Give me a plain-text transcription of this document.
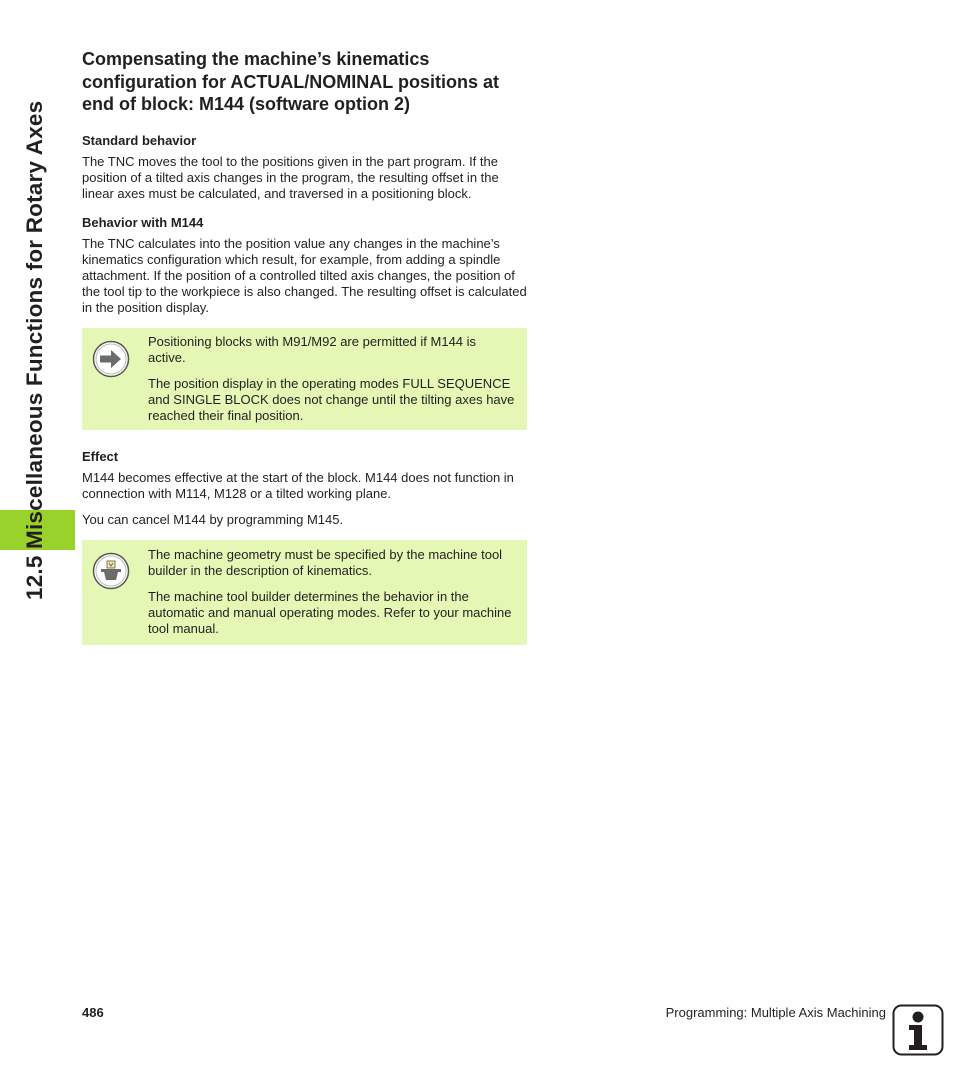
12.5 Miscellaneous Functions for Rotary Axes
Compensating the machine’s kinematics configuration for ACTUAL/NOMINAL positions at end of block: M144 (software option 2)
Standard behavior

The TNC moves the tool to the positions given in the part program. If the position of a tilted axis changes in the program, the resulting offset in the linear axes must be calculated, and traversed in a positioning block.

Behavior with M144

The TNC calculates into the position value any changes in the machine’s kinematics configuration which result, for example, from adding a spindle attachment. If the position of a controlled tilted axis changes, the position of the tool tip to the workpiece is also changed. The resulting offset is calculated in the position display.

Positioning blocks with M91/M92 are permitted if M144 is active.

The position display in the operating modes FULL SEQUENCE and SINGLE BLOCK does not change until the tilting axes have reached their final position.

Effect

M144 becomes effective at the start of the block. M144 does not function in connection with M114, M128 or a tilted working plane.

You can cancel M144 by programming M145.

The machine geometry must be specified by the machine tool builder in the description of kinematics.

The machine tool builder determines the behavior in the automatic and manual operating modes. Refer to your machine tool manual.

486	Programming: Multiple Axis Machining
